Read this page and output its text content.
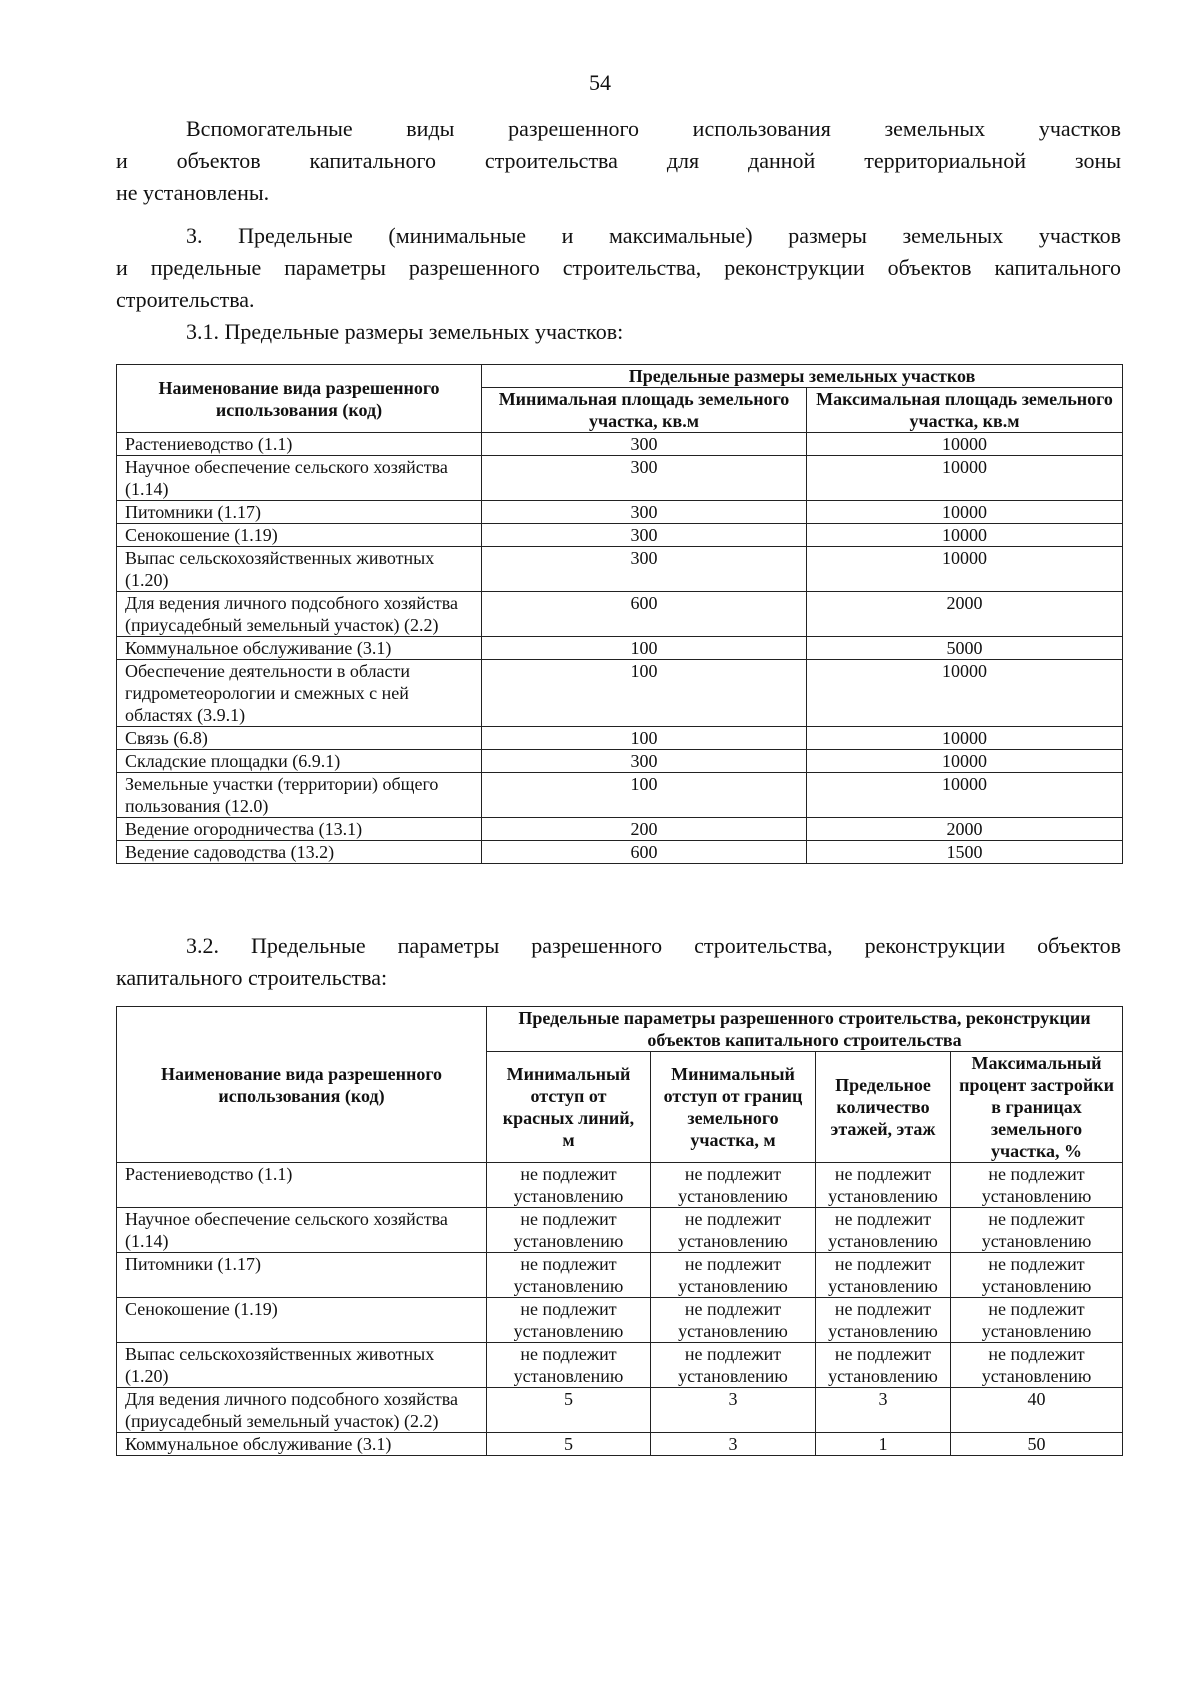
54

Вспомогательные виды разрешенного использования земельных участков

и объектов капитального строительства для данной территориальной зоны

не установлены.

3. Предельные (минимальные и максимальные) размеры земельных участков

и предельные параметры разрешенного строительства, реконструкции объектов капитального

строительства.

3.1. Предельные размеры земельных участков:

Наименование вида разрешенного использования (код)	Предельные размеры земельных участков	
	Минимальная площадь земельного участка, кв.м	Максимальная площадь земельного участка, кв.м
Растениеводство (1.1)	300	10000
Научное обеспечение сельского хозяйства (1.14)	300	10000
Питомники (1.17)	300	10000
Сенокошение (1.19)	300	10000
Выпас сельскохозяйственных животных (1.20)	300	10000
Для ведения личного подсобного хозяйства (приусадебный земельный участок) (2.2)	600	2000
Коммунальное обслуживание (3.1)	100	5000
Обеспечение деятельности в области гидрометеорологии и смежных с ней областях (3.9.1)	100	10000
Связь (6.8)	100	10000
Складские площадки (6.9.1)	300	10000
Земельные участки (территории) общего пользования (12.0)	100	10000
Ведение огородничества (13.1)	200	2000
Ведение садоводства (13.2)	600	1500

3.2. Предельные параметры разрешенного строительства, реконструкции объектов

капитального строительства:

Наименование вида разрешенного использования (код)	Предельные параметры разрешенного строительства, реконструкции объектов капитального строительства			
	Минимальный отступ от красных линий, м	Минимальный отступ от границ земельного участка, м	Предельное количество этажей, этаж	Максимальный процент застройки в границах земельного участка, %
Растениеводство (1.1)	не подлежит установлению	не подлежит установлению	не подлежит установлению	не подлежит установлению
Научное обеспечение сельского хозяйства (1.14)	не подлежит установлению	не подлежит установлению	не подлежит установлению	не подлежит установлению
Питомники (1.17)	не подлежит установлению	не подлежит установлению	не подлежит установлению	не подлежит установлению
Сенокошение (1.19)	не подлежит установлению	не подлежит установлению	не подлежит установлению	не подлежит установлению
Выпас сельскохозяйственных животных (1.20)	не подлежит установлению	не подлежит установлению	не подлежит установлению	не подлежит установлению
Для ведения личного подсобного хозяйства (приусадебный земельный участок) (2.2)	5	3	3	40
Коммунальное обслуживание (3.1)	5	3	1	50
